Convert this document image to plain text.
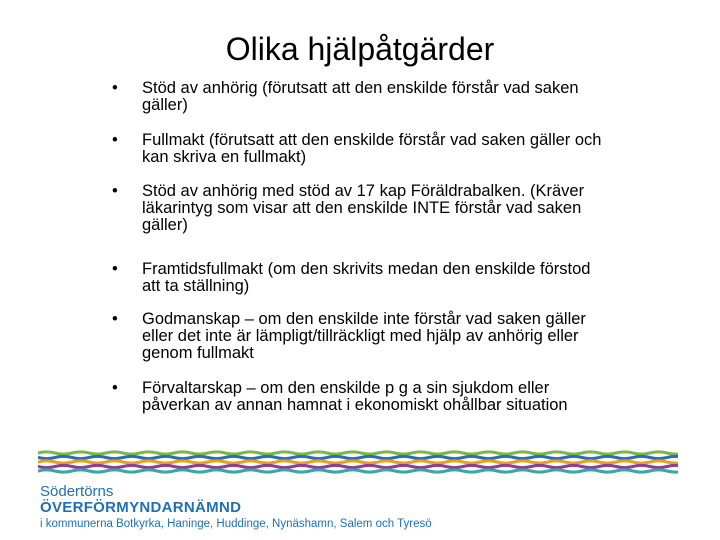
Olika hjälpåtgärder
•	Stöd av anhörig (förutsatt att den enskilde förstår vad saken gäller)
•	Fullmakt (förutsatt att den enskilde förstår vad saken gäller och kan skriva en fullmakt)
•	Stöd av anhörig med stöd av 17 kap Föräldrabalken. (Kräver läkarintyg som visar att den enskilde INTE förstår vad saken gäller)
•	Framtidsfullmakt (om den skrivits medan den enskilde förstod att ta ställning)
•	Godmanskap – om den enskilde inte förstår vad saken gäller eller det inte är lämpligt/tillräckligt med hjälp av anhörig eller genom fullmakt
•	Förvaltarskap – om den enskilde p g a sin sjukdom eller påverkan av annan hamnat i ekonomiskt ohållbar situation
Södertörns
ÖVERFÖRMYNDARNÄMND
i kommunerna Botkyrka, Haninge, Huddinge, Nynäshamn, Salem och Tyresö
